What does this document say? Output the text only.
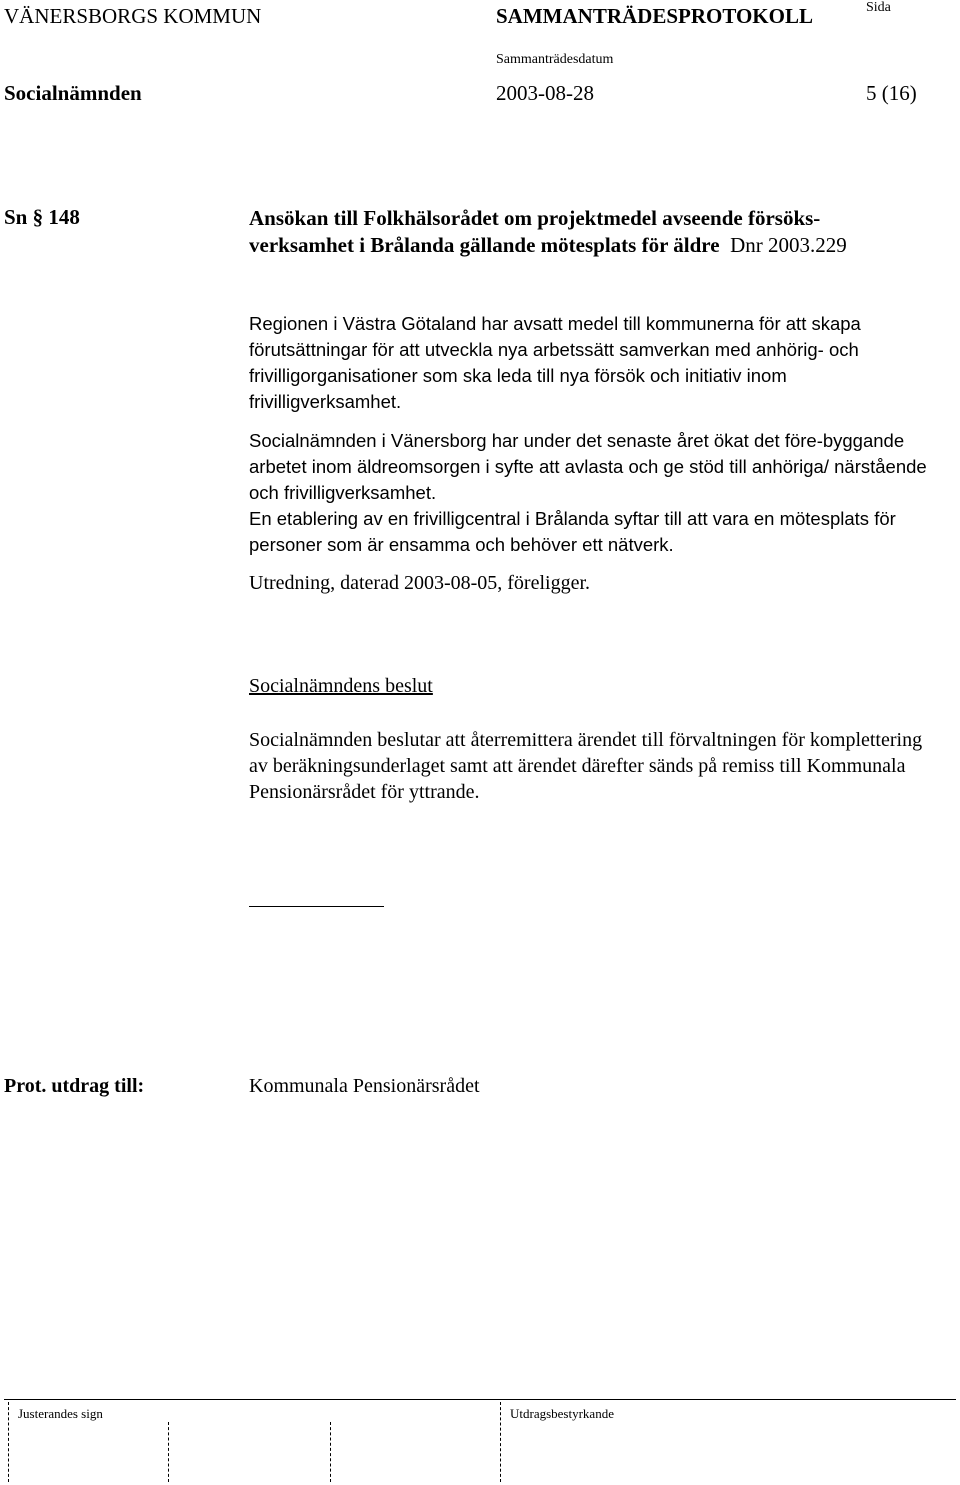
VÄNERSBORGS KOMMUN	SAMMANTRÄDESPROTOKOLL	Sida
Sammanträdesdatum
Socialnämnden	2003-08-28	5 (16)
Sn § 148	Ansökan till Folkhälsorådet om projektmedel avseende försöks-
verksamhet i Brålanda gällande mötesplats för äldre Dnr 2003.229
Regionen i Västra Götaland har avsatt medel till kommunerna för att skapa förutsättningar för att utveckla nya arbetssätt samverkan med anhörig- och frivilligorganisationer som ska leda till nya försök och initiativ inom frivilligverksamhet.
Socialnämnden i Vänersborg har under det senaste året ökat det före-byggande arbetet inom äldreomsorgen i syfte att avlasta och ge stöd till anhöriga/ närstående och frivilligverksamhet.
En etablering av en frivilligcentral i Brålanda syftar till att vara en mötesplats för personer som är ensamma och behöver ett nätverk.
Utredning, daterad 2003-08-05, föreligger.
Socialnämndens beslut
Socialnämnden beslutar att återremittera ärendet till förvaltningen för komplettering av beräkningsunderlaget samt att ärendet därefter sänds på remiss till Kommunala Pensionärsrådet för yttrande.
Prot. utdrag till:	Kommunala Pensionärsrådet
Justerandes sign	Utdragsbestyrkande
